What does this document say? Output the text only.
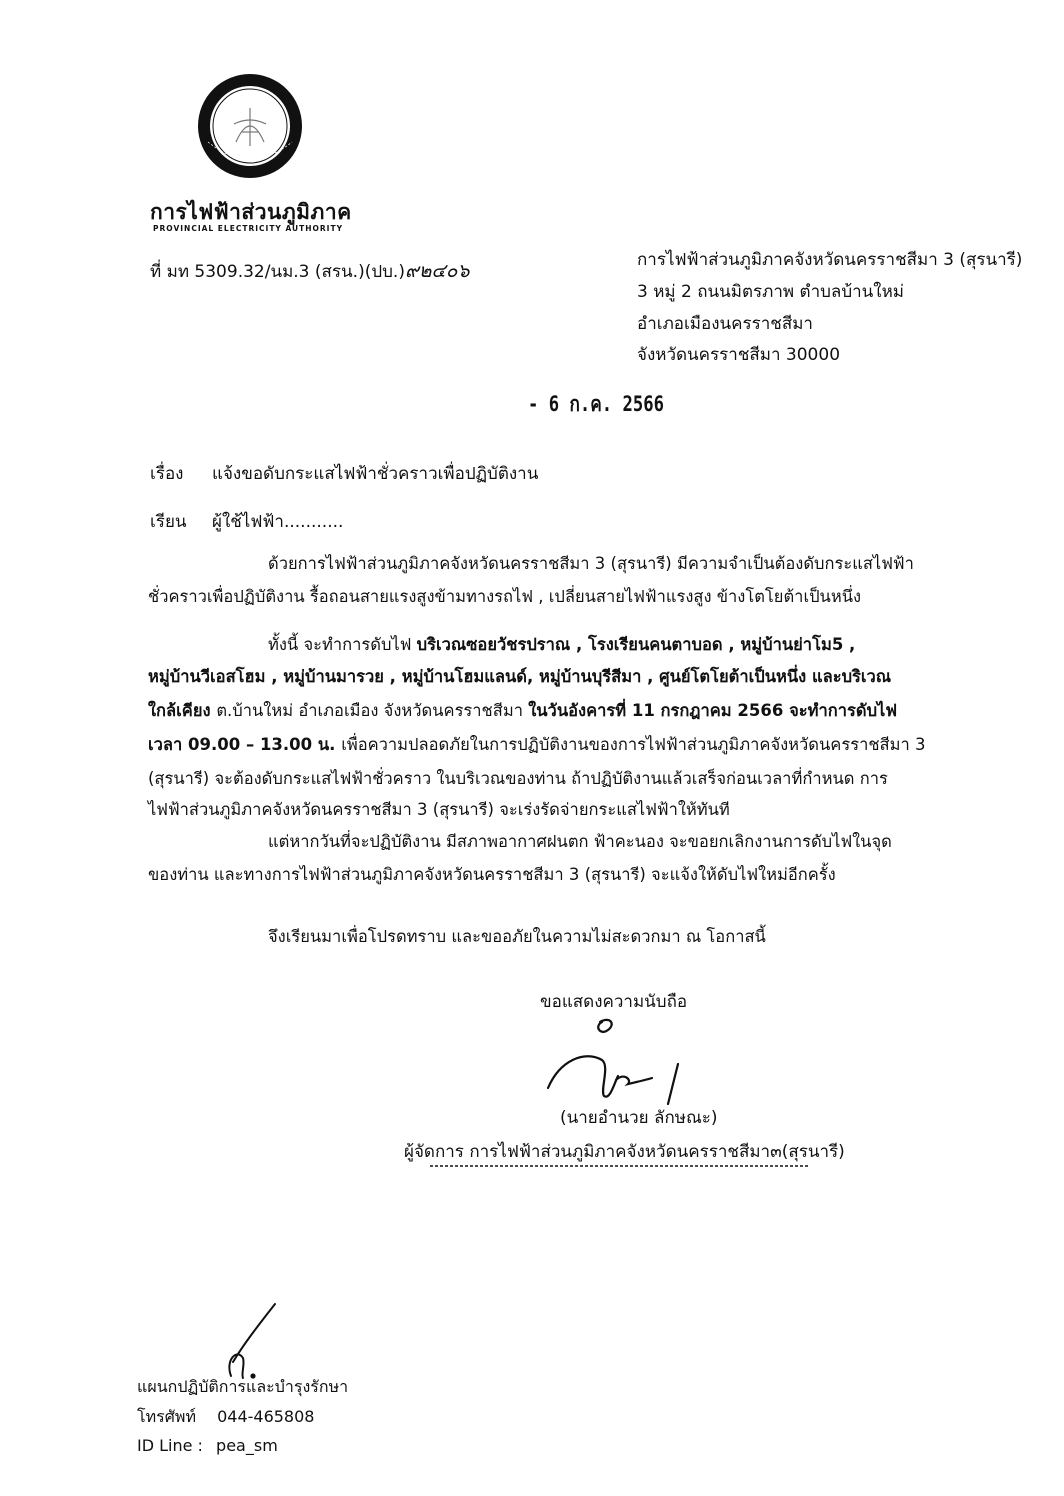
การไฟฟ้าส่วนภูมิภาค
PROVINCIAL ELECTRICITY AUTHORITY
ที่ มท 5309.32/นม.3 (สรน.)(ปบ.)๙๒๔๐๖	การไฟฟ้าส่วนภูมิภาคจังหวัดนครราชสีมา 3 (สุรนารี)
3 หมู่ 2 ถนนมิตรภาพ ตำบลบ้านใหม่
อำเภอเมืองนครราชสีมา
จังหวัดนครราชสีมา 30000
- 6 ก.ค. 2566
เรื่อง แจ้งขอดับกระแสไฟฟ้าชั่วคราวเพื่อปฏิบัติงาน
เรียน ผู้ใช้ไฟฟ้า...........
ด้วยการไฟฟ้าส่วนภูมิภาคจังหวัดนครราชสีมา 3 (สุรนารี) มีความจำเป็นต้องดับกระแสไฟฟ้า
ชั่วคราวเพื่อปฏิบัติงาน รื้อถอนสายแรงสูงข้ามทางรถไฟ , เปลี่ยนสายไฟฟ้าแรงสูง ข้างโตโยต้าเป็นหนึ่ง
ทั้งนี้ จะทำการดับไฟ บริเวณซอยวัชรปราณ , โรงเรียนคนตาบอด , หมู่บ้านย่าโม5 ,
หมู่บ้านวีเอสโฮม , หมู่บ้านมารวย , หมู่บ้านโฮมแลนด์, หมู่บ้านบุรีสีมา , ศูนย์โตโยต้าเป็นหนึ่ง และบริเวณ
ใกล้เคียง ต.บ้านใหม่ อำเภอเมือง จังหวัดนครราชสีมา ในวันอังคารที่ 11 กรกฎาคม 2566 จะทำการดับไฟ
เวลา 09.00 – 13.00 น. เพื่อความปลอดภัยในการปฏิบัติงานของการไฟฟ้าส่วนภูมิภาคจังหวัดนครราชสีมา 3
(สุรนารี) จะต้องดับกระแสไฟฟ้าชั่วคราว ในบริเวณของท่าน ถ้าปฏิบัติงานแล้วเสร็จก่อนเวลาที่กำหนด การ
ไฟฟ้าส่วนภูมิภาคจังหวัดนครราชสีมา 3 (สุรนารี) จะเร่งรัดจ่ายกระแสไฟฟ้าให้ทันที
แต่หากวันที่จะปฏิบัติงาน มีสภาพอากาศฝนตก ฟ้าคะนอง จะขอยกเลิกงานการดับไฟในจุด
ของท่าน และทางการไฟฟ้าส่วนภูมิภาคจังหวัดนครราชสีมา 3 (สุรนารี) จะแจ้งให้ดับไฟใหม่อีกครั้ง
จึงเรียนมาเพื่อโปรดทราบ และขออภัยในความไม่สะดวกมา ณ โอกาสนี้
ขอแสดงความนับถือ
(นายอำนวย ลักษณะ)
ผู้จัดการ การไฟฟ้าส่วนภูมิภาคจังหวัดนครราชสีมา๓(สุรนารี)
แผนกปฏิบัติการและบำรุงรักษา
โทรศัพท์ 044-465808
ID Line : pea_sm
